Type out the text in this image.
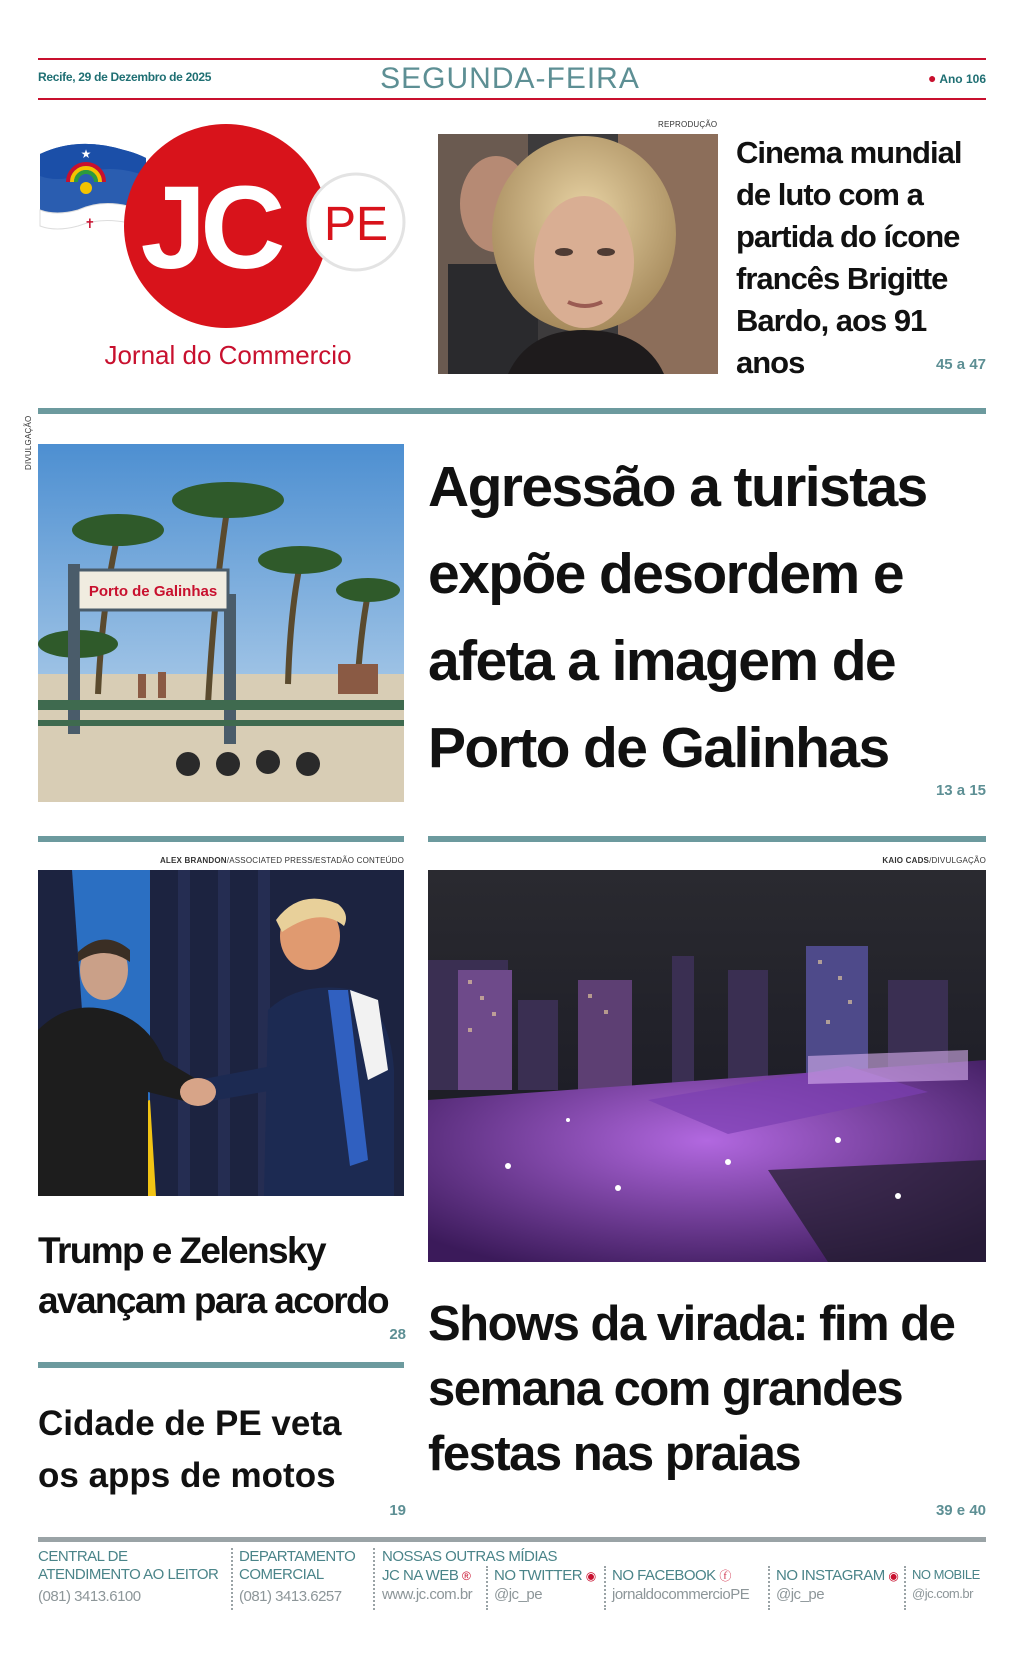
Recife, 29 de Dezembro de 2025	SEGUNDA-FEIRA	● Ano 106
★
✝ JC PE
Jornal do Commercio
REPRODUÇÃO
Cinema mundial
de luto com a
partida do ícone
francês Brigitte
Bardo, aos 91 anos	45 a 47
DIVULGAÇÃO
Porto de Galinhas
Agressão a turistas
expõe desordem e
afeta a imagem de
Porto de Galinhas
13 a 15
ALEX BRANDON/ASSOCIATED PRESS/ESTADÃO CONTEÚDO
Trump e Zelensky
avançam para acordo
28
Cidade de PE veta
os apps de motos
19
KAIO CADS/DIVULGAÇÃO
Shows da virada: fim de
semana com grandes
festas nas praias
39 e 40
CENTRAL DE
ATENDIMENTO AO LEITOR
(081) 3413.6100
DEPARTAMENTO
COMERCIAL
(081) 3413.6257
NOSSAS OUTRAS MÍDIAS
JC NA WEB ®
www.jc.com.br
NO TWITTER ◉
@jc_pe
NO FACEBOOK ⓕ
jornaldocommercioPE
NO INSTAGRAM ◉
@jc_pe
NO MOBILE
@jc.com.br
